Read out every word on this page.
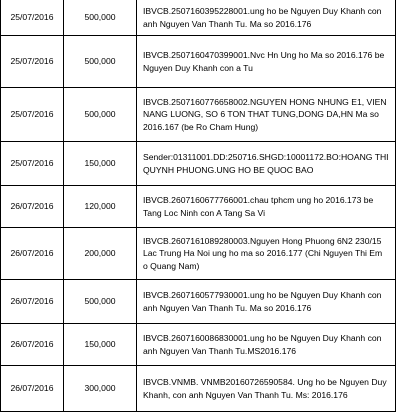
25/07/2016	500,000	IBVCB.2507160395228001.ung ho be Nguyen Duy Khanh con anh Nguyen Van Thanh Tu. Ma so 2016.176
25/07/2016	500,000	IBVCB.2507160470399001.Nvc Hn Ung ho Ma so 2016.176 be Nguyen Duy Khanh con a Tu
25/07/2016	500,000	IBVCB.2507160776658002.NGUYEN HONG NHUNG E1, VIEN NANG LUONG, SO 6 TON THAT TUNG,DONG DA,HN Ma so 2016.167 (be Ro Cham Hung)
25/07/2016	150,000	Sender:01311001.DD:250716.SHGD:10001172.BO:HOANG THI QUYNH PHUONG.UNG HO BE QUOC BAO
26/07/2016	120,000	IBVCB.2607160677766001.chau tphcm ung ho 2016.173 be Tang Loc Ninh con A Tang Sa Vi
26/07/2016	200,000	IBVCB.2607161089280003.Nguyen Hong Phuong 6N2 230/15 Lac Trung Ha Noi ung ho ma so 2016.177 (Chi Nguyen Thi Em o Quang Nam)
26/07/2016	500,000	IBVCB.2607160577930001.ung ho be Nguyen Duy Khanh con anh Nguyen Van Thanh Tu. Ma so 2016.176
26/07/2016	150,000	IBVCB.2607160086830001.ung ho be Nguyen Duy Khanh con anh Nguyen Van Thanh Tu.MS2016.176
26/07/2016	300,000	IBVCB.VNMB. VNMB20160726590584. Ung ho be Nguyen Duy Khanh, con anh Nguyen Van Thanh Tu. Ms: 2016.176
